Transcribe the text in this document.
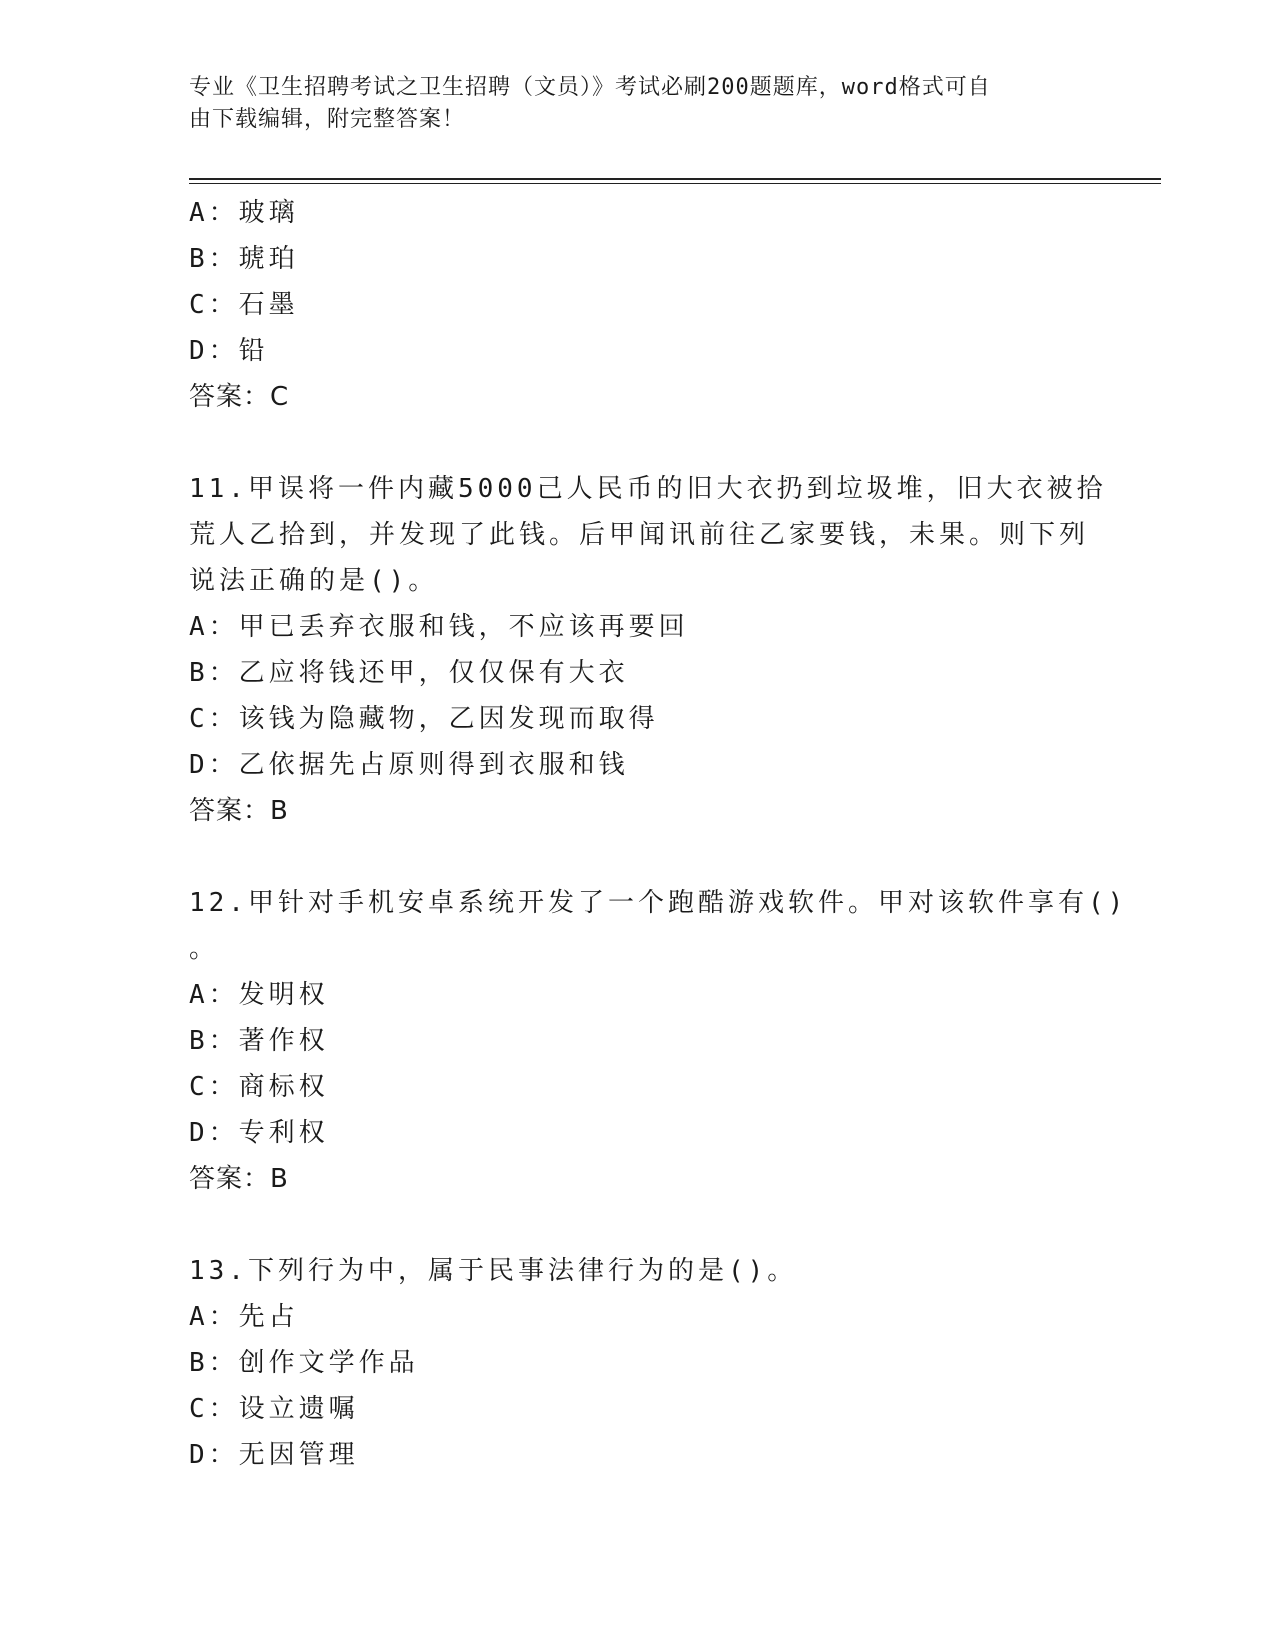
专业《卫生招聘考试之卫生招聘（文员）》考试必刷200题题库，word格式可自
由下载编辑，附完整答案！
A：玻璃
B：琥珀
C：石墨
D：铅
答案：C
11.甲误将一件内藏5000己人民币的旧大衣扔到垃圾堆，旧大衣被拾
荒人乙拾到，并发现了此钱。后甲闻讯前往乙家要钱，未果。则下列
说法正确的是()。
A：甲已丢弃衣服和钱，不应该再要回
B：乙应将钱还甲，仅仅保有大衣
C：该钱为隐藏物，乙因发现而取得
D：乙依据先占原则得到衣服和钱
答案：B
12.甲针对手机安卓系统开发了一个跑酷游戏软件。甲对该软件享有()
。
A：发明权
B：著作权
C：商标权
D：专利权
答案：B
13.下列行为中，属于民事法律行为的是()。
A：先占
B：创作文学作品
C：设立遗嘱
D：无因管理
